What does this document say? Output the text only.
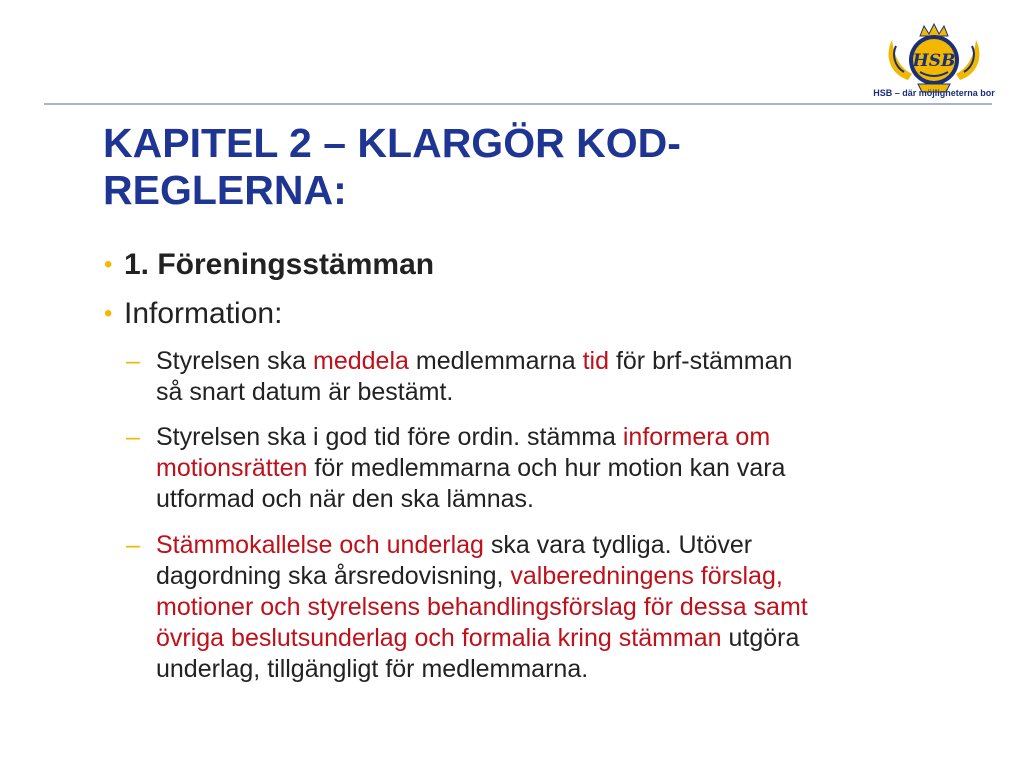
HSB
HSB – där möjligheterna bor
KAPITEL 2 – KLARGÖR KOD-
REGLERNA:
• 1. Föreningsstämman
• Information:
– Styrelsen ska meddela medlemmarna tid för brf-stämman
så snart datum är bestämt.
– Styrelsen ska i god tid före ordin. stämma informera om
motionsrätten för medlemmarna och hur motion kan vara
utformad och när den ska lämnas.
– Stämmokallelse och underlag ska vara tydliga. Utöver
dagordning ska årsredovisning, valberedningens förslag,
motioner och styrelsens behandlingsförslag för dessa samt
övriga beslutsunderlag och formalia kring stämman utgöra
underlag, tillgängligt för medlemmarna.
